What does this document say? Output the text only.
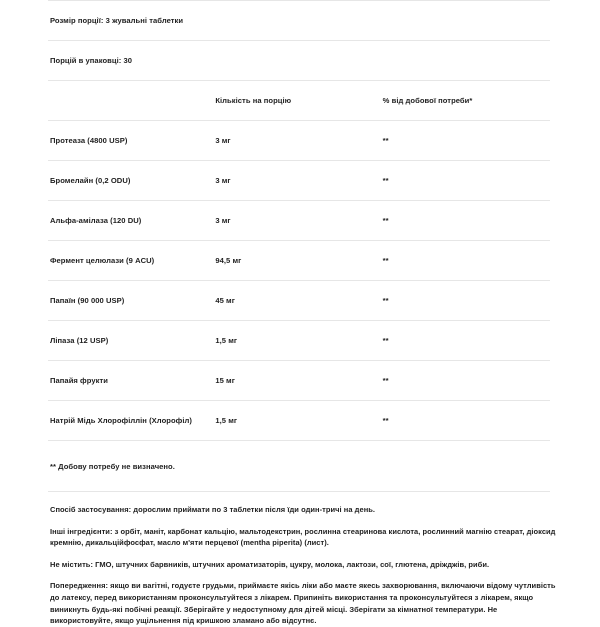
Розмір порції: 3 жувальні таблетки		
Порцій в упаковці: 30		
	Кількість на порцію	% від добової потреби*
Протеаза (4800 USP)	3 мг	**
Бромелайн (0,2 ODU)	3 мг	**
Альфа-амілаза (120 DU)	3 мг	**
Фермент целюлази (9 ACU)	94,5 мг	**
Папаїн (90 000 USP)	45 мг	**
Ліпаза (12 USP)	1,5 мг	**
Папайя фрукти	15 мг	**
Натрій Мідь Хлорофіллін (Хлорофіл)	1,5 мг	**

** Добову потребу не визначено.

Спосіб застосування: дорослим приймати по 3 таблетки після їди один-тричі на день.

Інші інгредієнти: з орбіт, маніт, карбонат кальцію, мальтодекстрин, рослинна стеаринова кислота, рослинний магнію стеарат, діоксид кремнію, дикальційфосфат, масло м'яти перцевої (mentha piperita) (лист).

Не містить: ГМО, штучних барвників, штучних ароматизаторів, цукру, молока, лактози, сої, глютена, дріжджів, риби.

Попередження: якщо ви вагітні, годуєте грудьми, приймаєте якісь ліки або маєте якесь захворювання, включаючи відому чутливість до латексу, перед використанням проконсультуйтеся з лікарем. Припиніть використання та проконсультуйтеся з лікарем, якщо виникнуть будь-які побічні реакції. Зберігайте у недоступному для дітей місці. Зберігати за кімнатної температури. Не використовуйте, якщо ущільнення під кришкою зламано або відсутнє.
